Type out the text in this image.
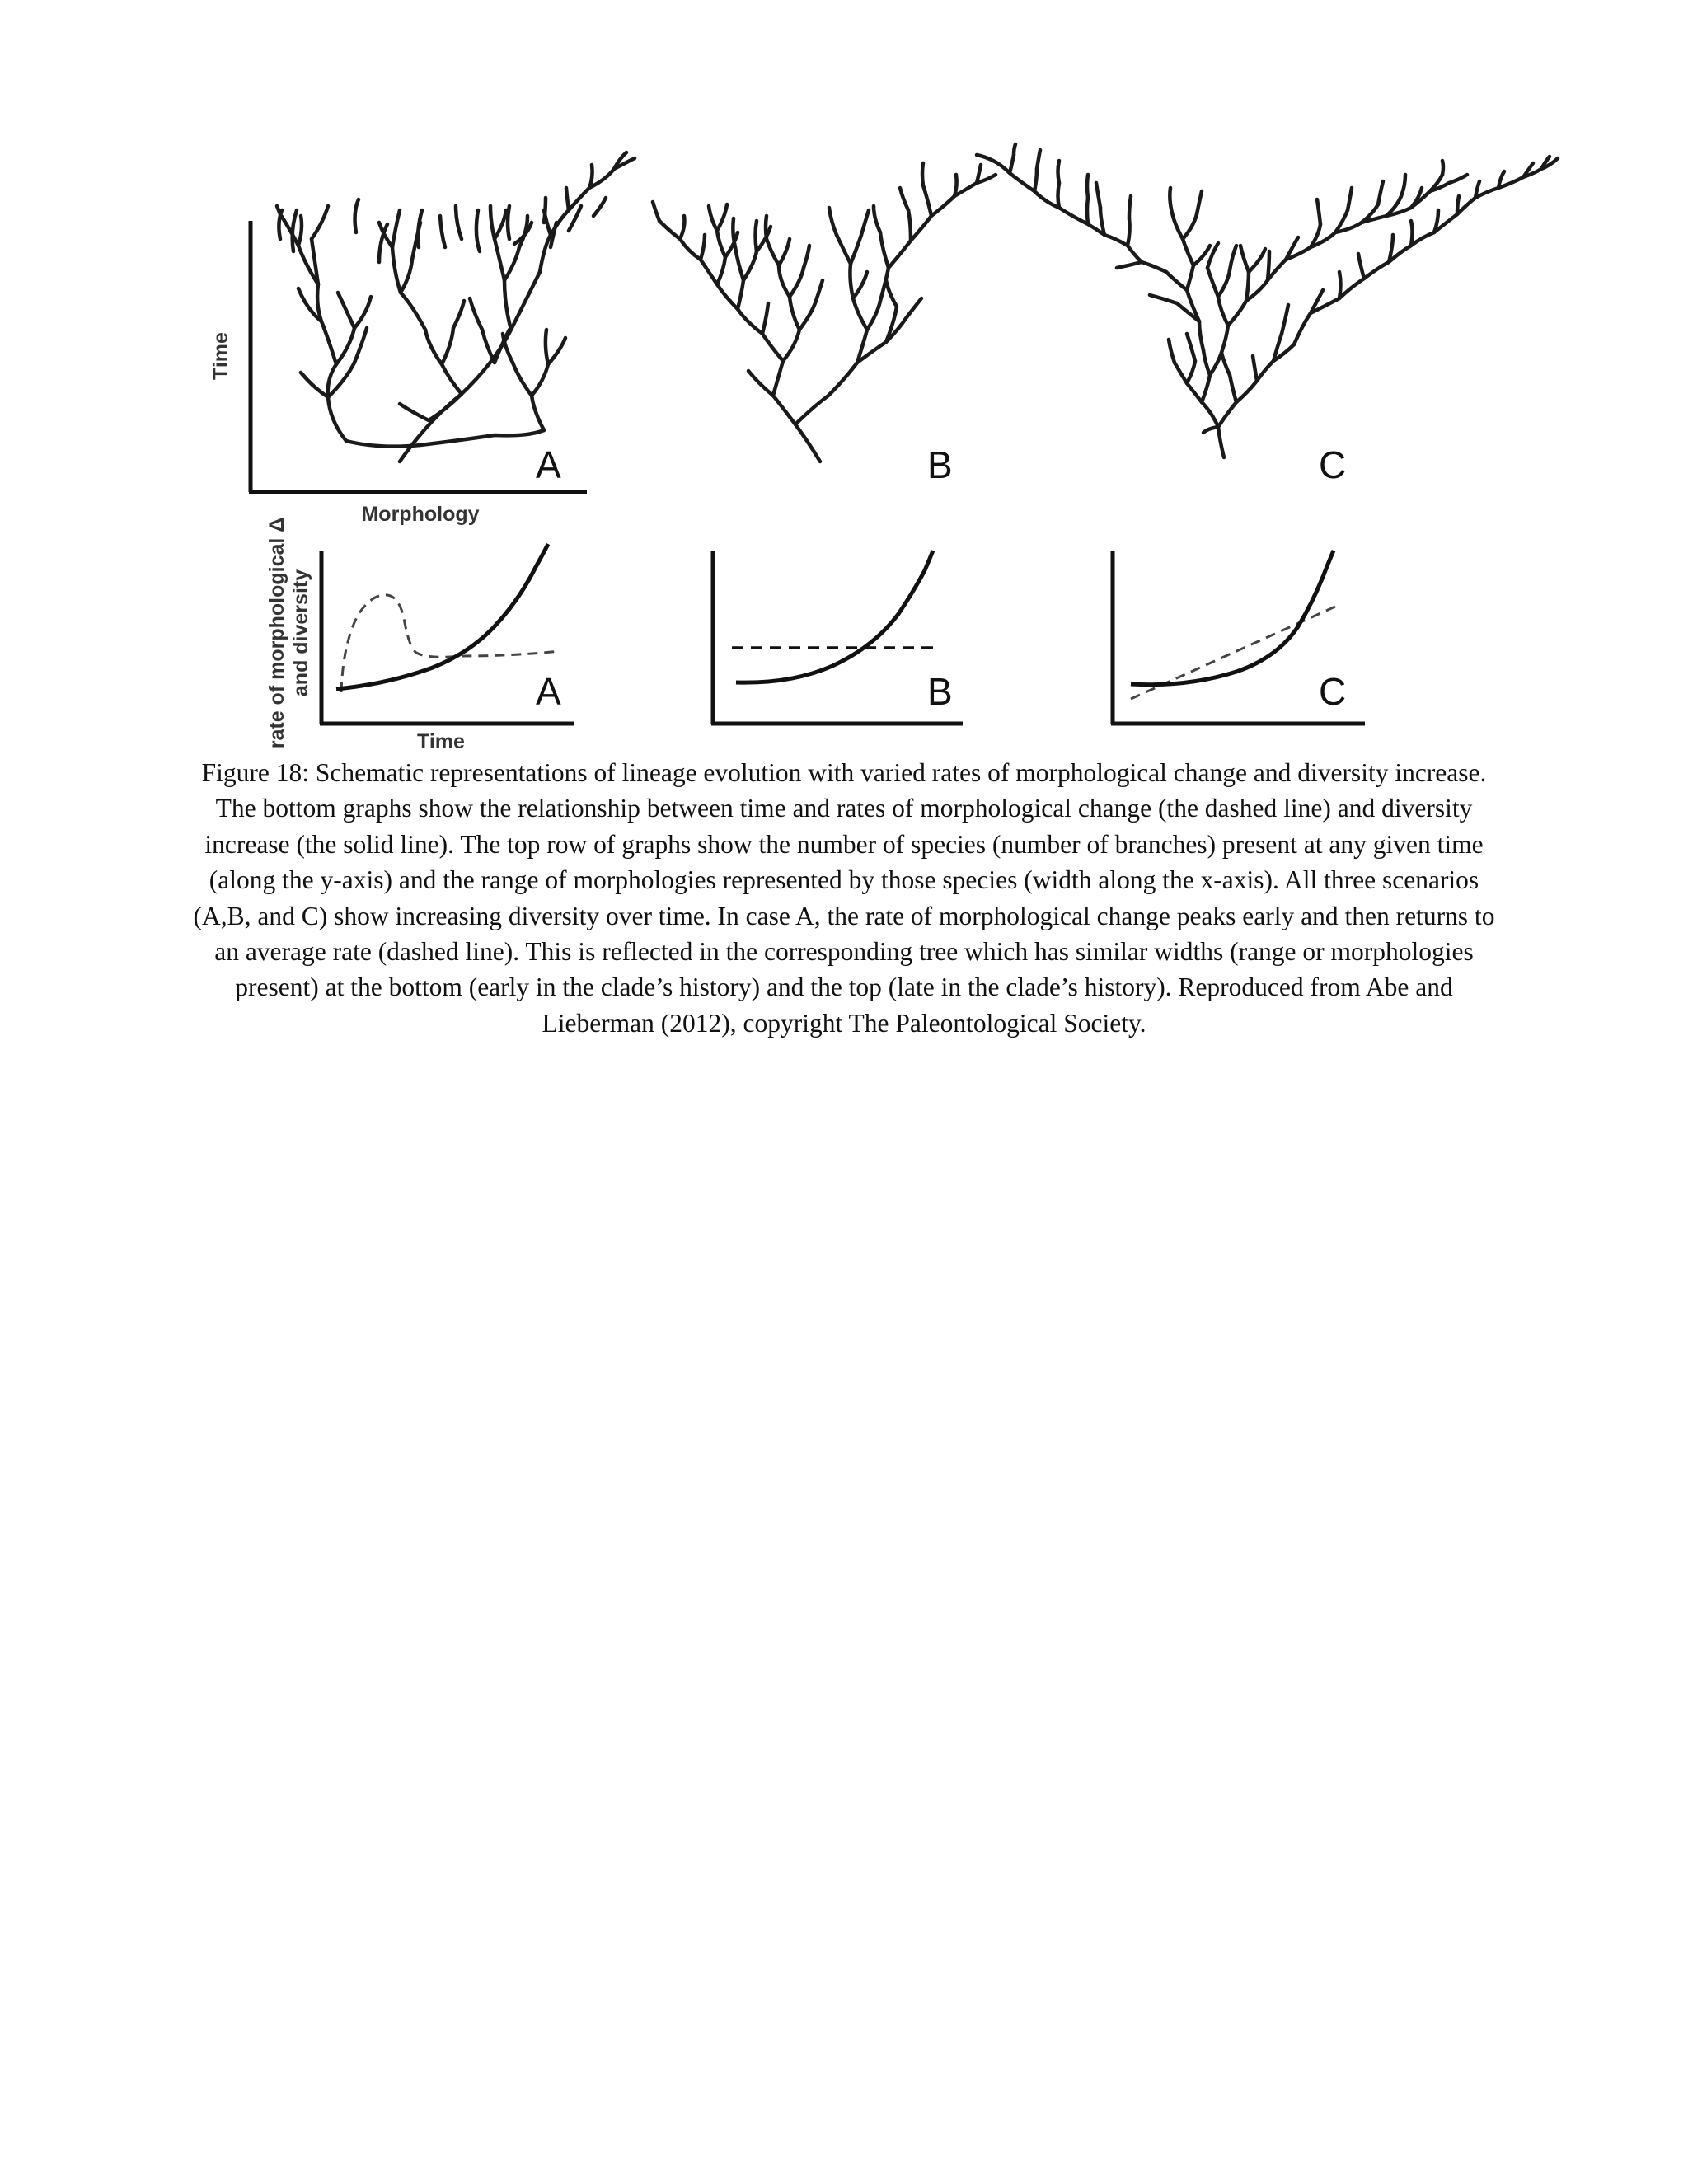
Time
Morphology
A	B	C
rate of morphological Δ and diversity
Time
A	B	C

Figure 18: Schematic representations of lineage evolution with varied rates of morphological change and diversity increase. The bottom graphs show the relationship between time and rates of morphological change (the dashed line) and diversity increase (the solid line). The top row of graphs show the number of species (number of branches) present at any given time (along the y-axis) and the range of morphologies represented by those species (width along the x-axis). All three scenarios (A,B, and C) show increasing diversity over time. In case A, the rate of morphological change peaks early and then returns to an average rate (dashed line). This is reflected in the corresponding tree which has similar widths (range or morphologies present) at the bottom (early in the clade’s history) and the top (late in the clade’s history). Reproduced from Abe and Lieberman (2012), copyright The Paleontological Society.
